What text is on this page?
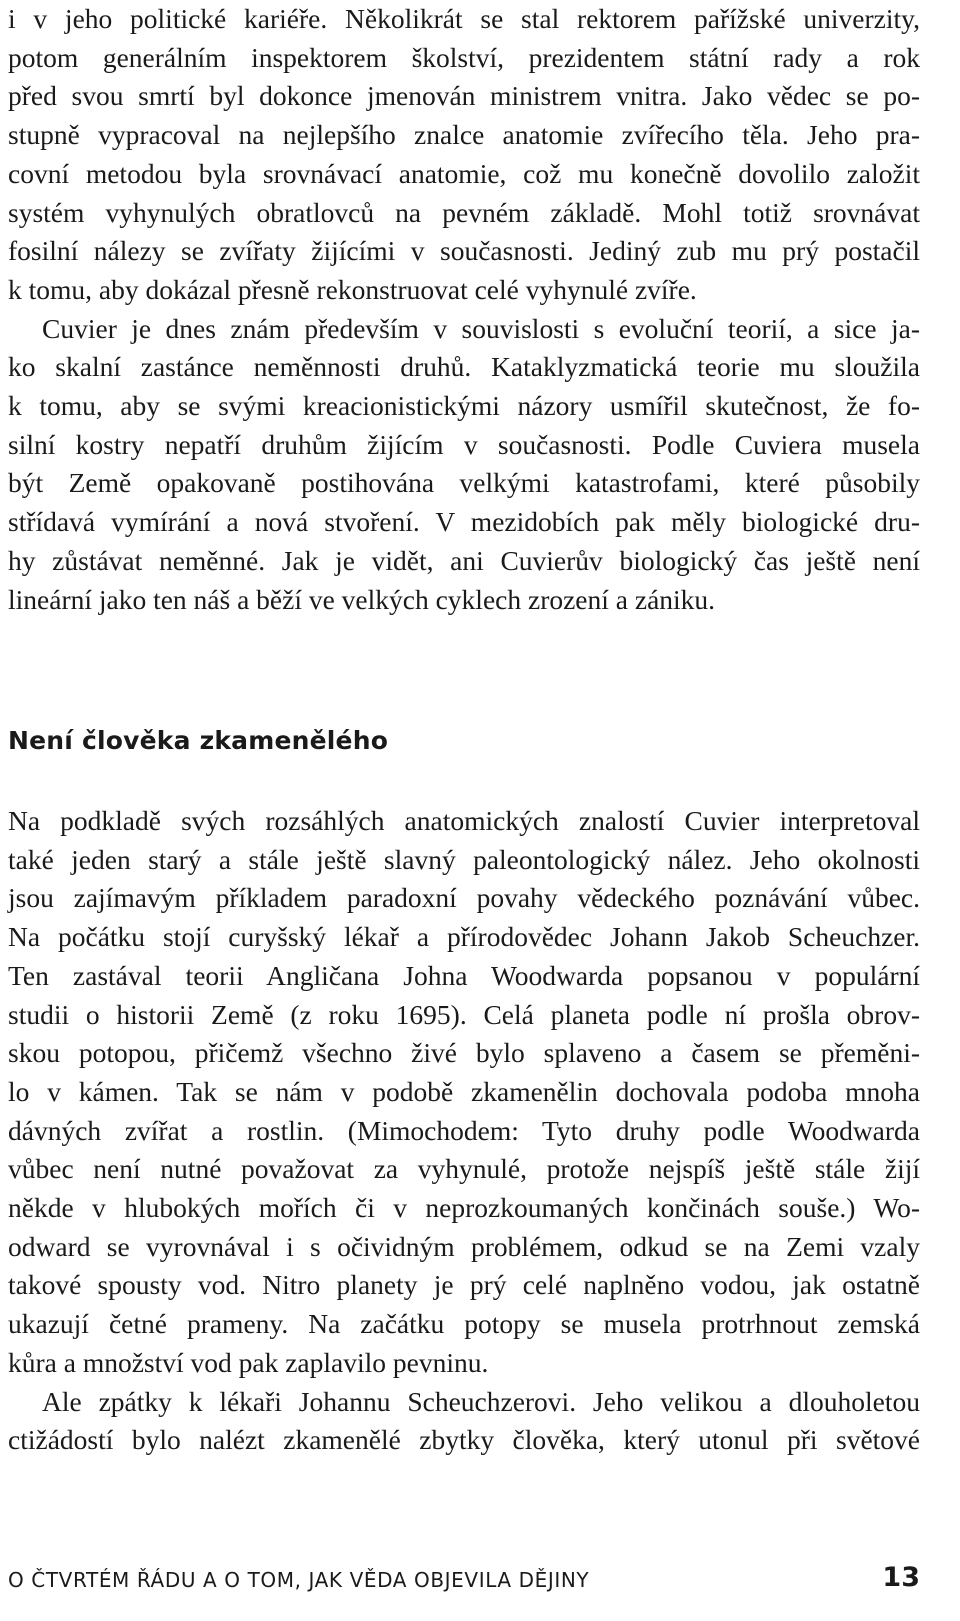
i v jeho politické kariéře. Několikrát se stal rektorem pařížské univerzity,
potom generálním inspektorem školství, prezidentem státní rady a rok
před svou smrtí byl dokonce jmenován ministrem vnitra. Jako vědec se po-
stupně vypracoval na nejlepšího znalce anatomie zvířecího těla. Jeho pra-
covní metodou byla srovnávací anatomie, což mu konečně dovolilo založit
systém vyhynulých obratlovců na pevném základě. Mohl totiž srovnávat
fosilní nálezy se zvířaty žijícími v současnosti. Jediný zub mu prý postačil
k tomu, aby dokázal přesně rekonstruovat celé vyhynulé zvíře.
Cuvier je dnes znám především v souvislosti s evoluční teorií, a sice ja-
ko skalní zastánce neměnnosti druhů. Kataklyzmatická teorie mu sloužila
k tomu, aby se svými kreacionistickými názory usmířil skutečnost, že fo-
silní kostry nepatří druhům žijícím v současnosti. Podle Cuviera musela
být Země opakovaně postihována velkými katastrofami, které působily
střídavá vymírání a nová stvoření. V mezidobích pak měly biologické dru-
hy zůstávat neměnné. Jak je vidět, ani Cuvierův biologický čas ještě není
lineární jako ten náš a běží ve velkých cyklech zrození a zániku.
Není člověka zkamenělého
Na podkladě svých rozsáhlých anatomických znalostí Cuvier interpretoval
také jeden starý a stále ještě slavný paleontologický nález. Jeho okolnosti
jsou zajímavým příkladem paradoxní povahy vědeckého poznávání vůbec.
Na počátku stojí curyšský lékař a přírodovědec Johann Jakob Scheuchzer.
Ten zastával teorii Angličana Johna Woodwarda popsanou v populární
studii o historii Země (z roku 1695). Celá planeta podle ní prošla obrov-
skou potopou, přičemž všechno živé bylo splaveno a časem se přeměni-
lo v kámen. Tak se nám v podobě zkamenělin dochovala podoba mnoha
dávných zvířat a rostlin. (Mimochodem: Tyto druhy podle Woodwarda
vůbec není nutné považovat za vyhynulé, protože nejspíš ještě stále žijí
někde v hlubokých mořích či v neprozkoumaných končinách souše.) Wo-
odward se vyrovnával i s očividným problémem, odkud se na Zemi vzaly
takové spousty vod. Nitro planety je prý celé naplněno vodou, jak ostatně
ukazují četné prameny. Na začátku potopy se musela protrhnout zemská
kůra a množství vod pak zaplavilo pevninu.
Ale zpátky k lékaři Johannu Scheuchzerovi. Jeho velikou a dlouholetou
ctižádostí bylo nalézt zkamenělé zbytky člověka, který utonul při světové
O ČTVRTÉM ŘÁDU A O TOM, JAK VĚDA OBJEVILA DĚJINY	13
